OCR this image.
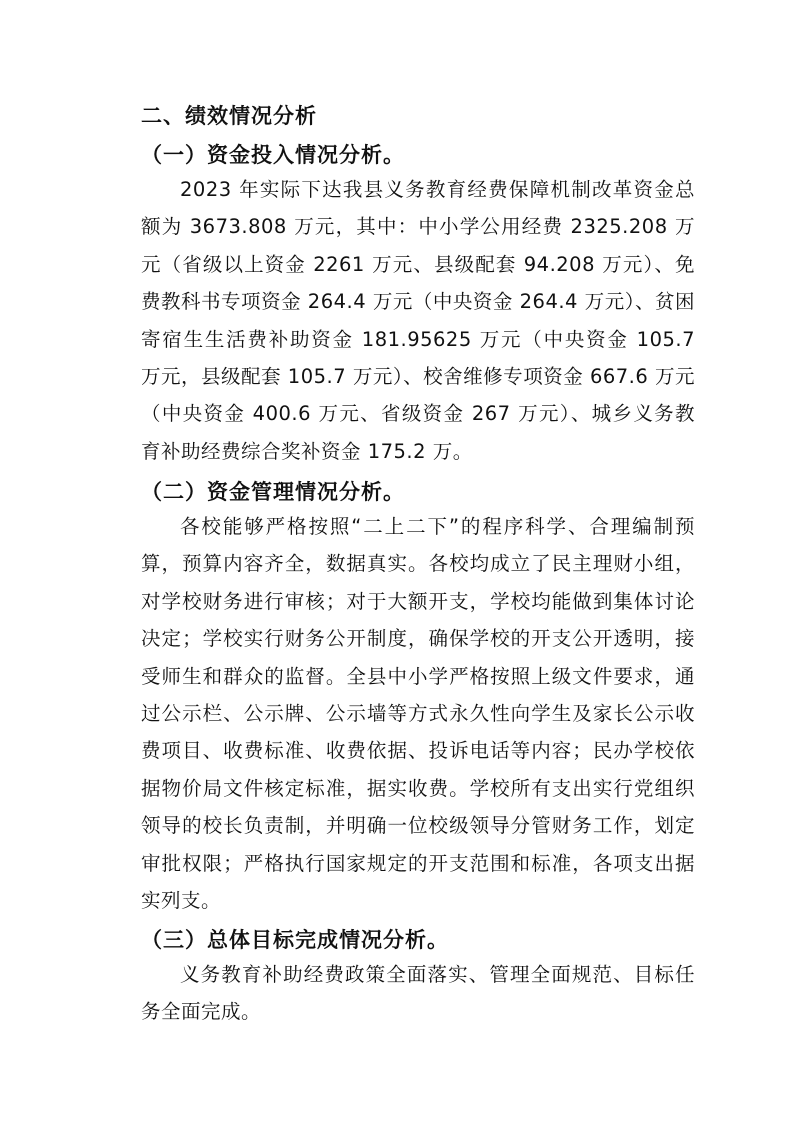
二、绩效情况分析
（一）资金投入情况分析。
2023 年实际下达我县义务教育经费保障机制改革资金总额为 3673.808 万元，其中：中小学公用经费 2325.208 万元（省级以上资金 2261 万元、县级配套 94.208 万元）、免费教科书专项资金 264.4 万元（中央资金 264.4 万元）、贫困寄宿生生活费补助资金 181.95625 万元（中央资金 105.7 万元，县级配套 105.7 万元）、校舍维修专项资金 667.6 万元（中央资金 400.6 万元、省级资金 267 万元）、城乡义务教育补助经费综合奖补资金 175.2 万。
（二）资金管理情况分析。
各校能够严格按照“二上二下”的程序科学、合理编制预算，预算内容齐全，数据真实。各校均成立了民主理财小组，对学校财务进行审核；对于大额开支，学校均能做到集体讨论决定；学校实行财务公开制度，确保学校的开支公开透明，接受师生和群众的监督。全县中小学严格按照上级文件要求，通过公示栏、公示牌、公示墙等方式永久性向学生及家长公示收费项目、收费标准、收费依据、投诉电话等内容；民办学校依据物价局文件核定标准，据实收费。学校所有支出实行党组织领导的校长负责制，并明确一位校级领导分管财务工作，划定审批权限；严格执行国家规定的开支范围和标准，各项支出据实列支。
（三）总体目标完成情况分析。
义务教育补助经费政策全面落实、管理全面规范、目标任务全面完成。
